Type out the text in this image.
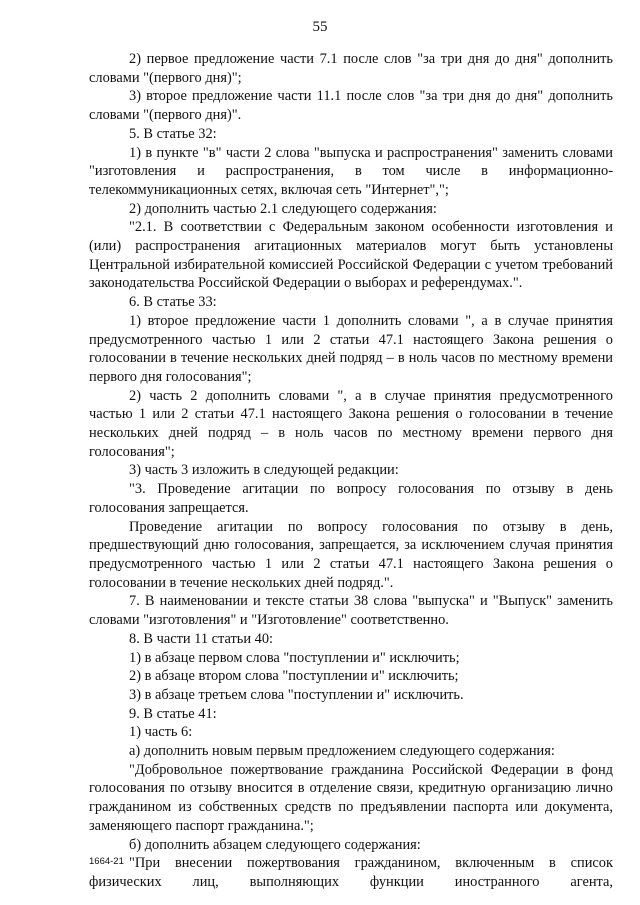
55

2) первое предложение части 7.1 после слов "за три дня до дня" дополнить словами "(первого дня)";

3) второе предложение части 11.1 после слов "за три дня до дня" дополнить словами "(первого дня)".

5. В статье 32:

1) в пункте "в" части 2 слова "выпуска и распространения" заменить словами "изготовления и распространения, в том числе в информационно-телекоммуникационных сетях, включая сеть "Интернет",";

2) дополнить частью 2.1 следующего содержания:

"2.1. В соответствии с Федеральным законом особенности изготовления и (или) распространения агитационных материалов могут быть установлены Центральной избирательной комиссией Российской Федерации с учетом требований законодательства Российской Федерации о выборах и референдумах.".

6. В статье 33:

1) второе предложение части 1 дополнить словами ", а в случае принятия предусмотренного частью 1 или 2 статьи 47.1 настоящего Закона решения о голосовании в течение нескольких дней подряд – в ноль часов по местному времени первого дня голосования";

2) часть 2 дополнить словами ", а в случае принятия предусмотренного частью 1 или 2 статьи 47.1 настоящего Закона решения о голосовании в течение нескольких дней подряд – в ноль часов по местному времени первого дня голосования";

3) часть 3 изложить в следующей редакции:

"3. Проведение агитации по вопросу голосования по отзыву в день голосования запрещается.

Проведение агитации по вопросу голосования по отзыву в день, предшествующий дню голосования, запрещается, за исключением случая принятия предусмотренного частью 1 или 2 статьи 47.1 настоящего Закона решения о голосовании в течение нескольких дней подряд.".

7. В наименовании и тексте статьи 38 слова "выпуска" и "Выпуск" заменить словами "изготовления" и "Изготовление" соответственно.

8. В части 11 статьи 40:

1) в абзаце первом слова "поступлении и" исключить;

2) в абзаце втором слова "поступлении и" исключить;

3) в абзаце третьем слова "поступлении и" исключить.

9. В статье 41:

1) часть 6:

а) дополнить новым первым предложением следующего содержания:

"Добровольное пожертвование гражданина Российской Федерации в фонд голосования по отзыву вносится в отделение связи, кредитную организацию лично гражданином из собственных средств по предъявлении паспорта или документа, заменяющего паспорт гражданина.";

б) дополнить абзацем следующего содержания:

"При внесении пожертвования гражданином, включенным в список физических лиц, выполняющих функции иностранного агента,

1664-21
